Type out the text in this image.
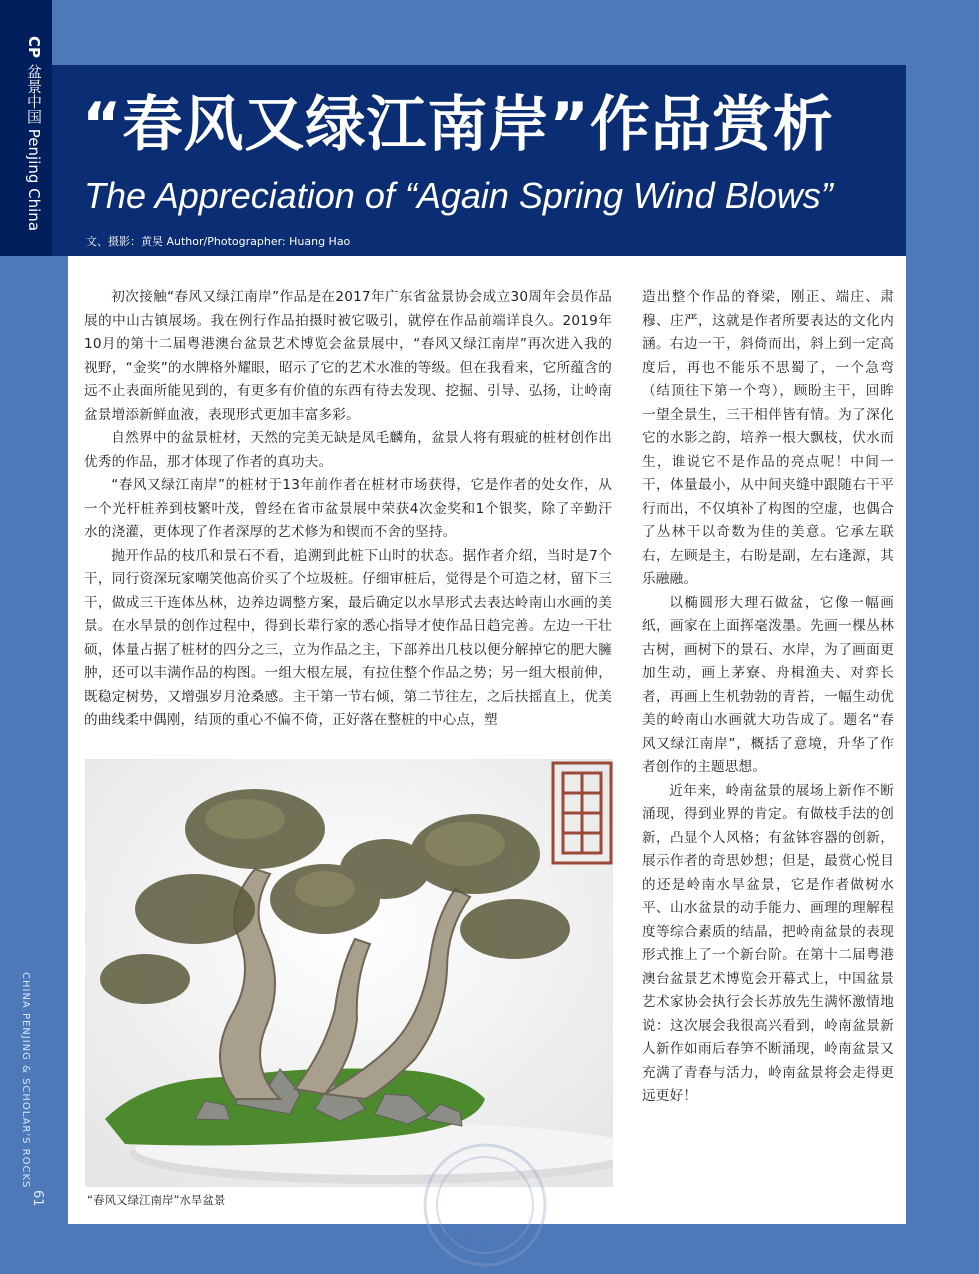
CP盆景中国 Penjing China
CHINA PENJING & SCHOLAR'S ROCKS
61
“春风又绿江南岸”作品赏析
The Appreciation of “Again Spring Wind Blows”
文、摄影：黄昊 Author/Photographer: Huang Hao

初次接触“春风又绿江南岸”作品是在2017年广东省盆景协会成立30周年会员作品展的中山古镇展场。我在例行作品拍摄时被它吸引，就停在作品前端详良久。2019年10月的第十二届粤港澳台盆景艺术博览会盆景展中，“春风又绿江南岸”再次进入我的视野，“金奖”的水牌格外耀眼，昭示了它的艺术水准的等级。但在我看来，它所蕴含的远不止表面所能见到的，有更多有价值的东西有待去发现、挖掘、引导、弘扬，让岭南盆景增添新鲜血液，表现形式更加丰富多彩。

自然界中的盆景桩材，天然的完美无缺是凤毛麟角，盆景人将有瑕疵的桩材创作出优秀的作品，那才体现了作者的真功夫。

“春风又绿江南岸”的桩材于13年前作者在桩材市场获得，它是作者的处女作，从一个光杆桩养到枝繁叶茂，曾经在省市盆景展中荣获4次金奖和1个银奖，除了辛勤汗水的浇灌，更体现了作者深厚的艺术修为和锲而不舍的坚持。

抛开作品的枝爪和景石不看，追溯到此桩下山时的状态。据作者介绍，当时是7个干，同行资深玩家嘲笑他高价买了个垃圾桩。仔细审桩后，觉得是个可造之材，留下三干，做成三干连体丛林，边养边调整方案，最后确定以水旱形式去表达岭南山水画的美景。在水旱景的创作过程中，得到长辈行家的悉心指导才使作品日趋完善。左边一干壮硕，体量占据了桩材的四分之三，立为作品之主，下部养出几枝以便分解掉它的肥大臃肿，还可以丰满作品的构图。一组大根左展，有拉住整个作品之势；另一组大根前伸，既稳定树势，又增强岁月沧桑感。主干第一节右倾，第二节往左，之后扶摇直上，优美的曲线柔中偶刚，结顶的重心不偏不倚，正好落在整桩的中心点，塑

“春风又绿江南岸”水旱盆景

造出整个作品的脊梁，刚正、端庄、肃穆、庄严，这就是作者所要表达的文化内涵。右边一干，斜倚而出，斜上到一定高度后，再也不能乐不思蜀了，一个急弯（结顶往下第一个弯），顾盼主干，回眸一望全景生，三干相伴皆有情。为了深化它的水影之韵，培养一根大飘枝，伏水而生，谁说它不是作品的亮点呢！中间一干，体量最小，从中间夹缝中跟随右干平行而出，不仅填补了构图的空虚，也偶合了丛林干以奇数为佳的美意。它承左联右，左顾是主，右盼是副，左右逢源，其乐融融。

以椭圆形大理石做盆，它像一幅画纸，画家在上面挥毫泼墨。先画一棵丛林古树，画树下的景石、水岸，为了画面更加生动，画上茅寮、舟楫渔夫、对弈长者，再画上生机勃勃的青苔，一幅生动优美的岭南山水画就大功告成了。题名“春风又绿江南岸”，概括了意境，升华了作者创作的主题思想。

近年来，岭南盆景的展场上新作不断涌现，得到业界的肯定。有做枝手法的创新，凸显个人风格；有盆钵容器的创新，展示作者的奇思妙想；但是，最赏心悦目的还是岭南水旱盆景，它是作者做树水平、山水盆景的动手能力、画理的理解程度等综合素质的结晶，把岭南盆景的表现形式推上了一个新台阶。在第十二届粤港澳台盆景艺术博览会开幕式上，中国盆景艺术家协会执行会长苏放先生满怀激情地说：这次展会我很高兴看到，岭南盆景新人新作如雨后春笋不断涌现，岭南盆景又充满了青春与活力，岭南盆景将会走得更远更好！

岭南盆景网
